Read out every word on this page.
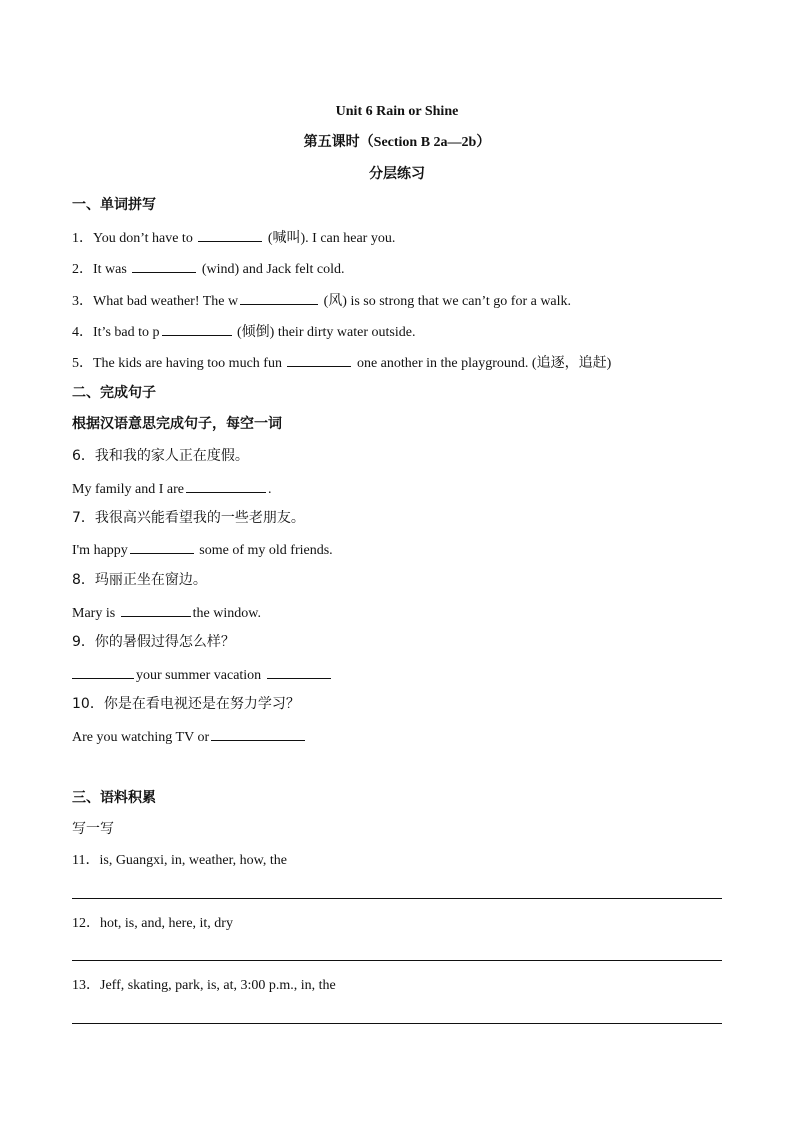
Unit 6 Rain or Shine
第五课时（Section B 2a—2b）
分层练习
一、单词拼写
1．You don’t have to	(喊叫). I can hear you.
2．It was	(wind) and Jack felt cold.
3．What bad weather! The w	(风) is so strong that we can’t go for a walk.
4．It’s bad to p	(倾倒) their dirty water outside.
5．The kids are having too much fun	one another in the playground. (追逐，追赶)
二、完成句子
根据汉语意思完成句子，每空一词
6．我和我的家人正在度假。
My family and I are	.
7．我很高兴能看望我的一些老朋友。
I'm happy	some of my old friends.
8．玛丽正坐在窗边。
Mary is	the window.
9．你的暑假过得怎么样？
your summer vacation
10．你是在看电视还是在努力学习？
Are you watching TV or
三、语料积累
写一写
11．is, Guangxi, in, weather, how, the
12．hot, is, and, here, it, dry
13．Jeff, skating, park, is, at, 3:00 p.m., in, the
